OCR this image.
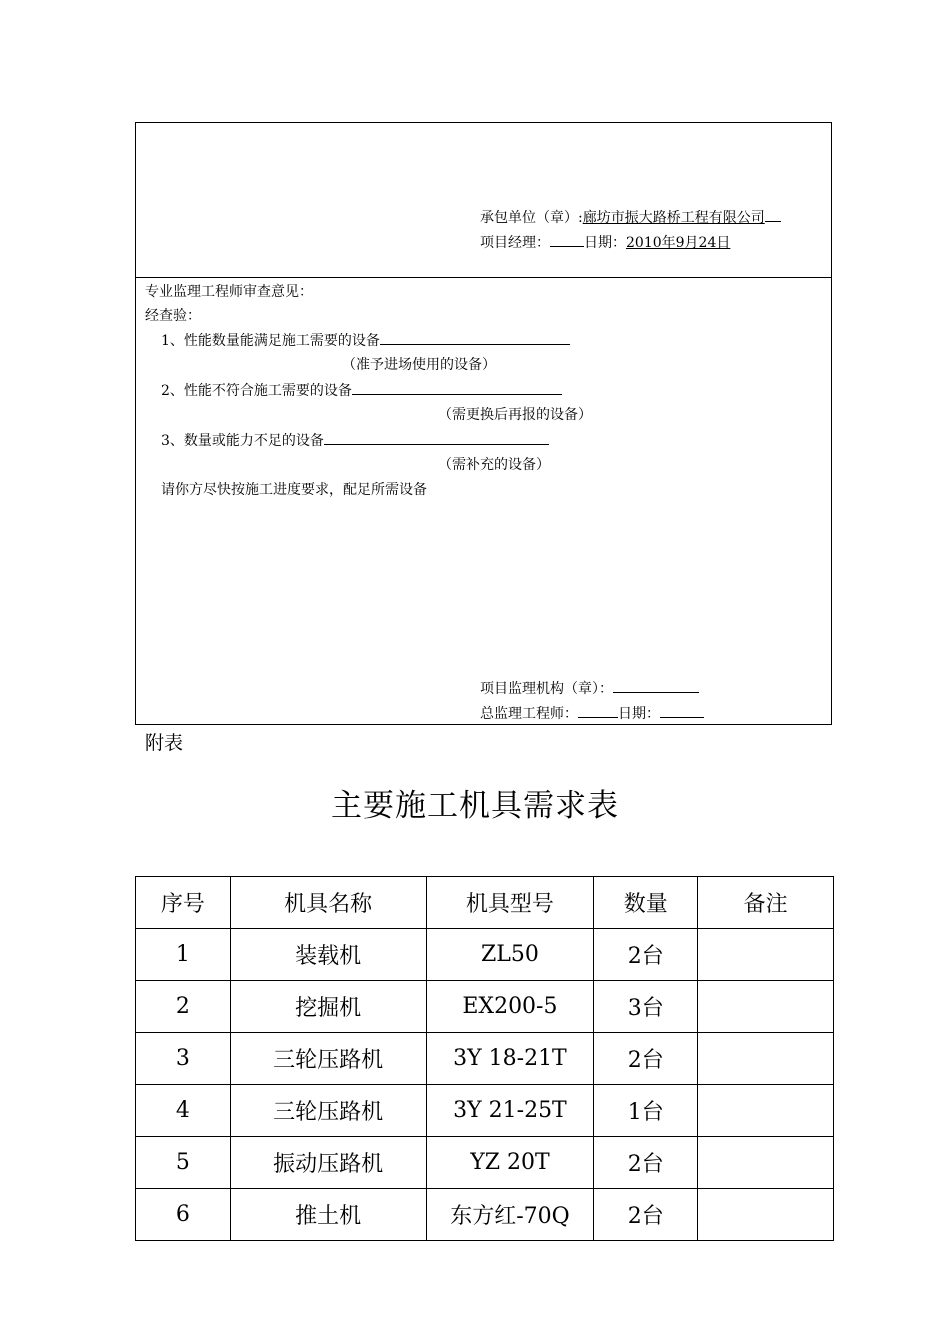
承包单位（章）:廊坊市振大路桥工程有限公司
项目经理： 日期：2010年9月24日
专业监理工程师审查意见：
经查验：
1、性能数量能满足施工需要的设备
（准予进场使用的设备）
2、性能不符合施工需要的设备
（需更换后再报的设备）
3、数量或能力不足的设备
（需补充的设备）
请你方尽快按施工进度要求，配足所需设备
项目监理机构（章）：
总监理工程师：	日期：
附表
主要施工机具需求表
序号	机具名称	机具型号	数量	备注
1	装载机	ZL50	2台	
2	挖掘机	EX200-5	3台	
3	三轮压路机	3Y 18-21T	2台	
4	三轮压路机	3Y 21-25T	1台	
5	振动压路机	YZ 20T	2台	
6	推土机	东方红-70Q	2台	
